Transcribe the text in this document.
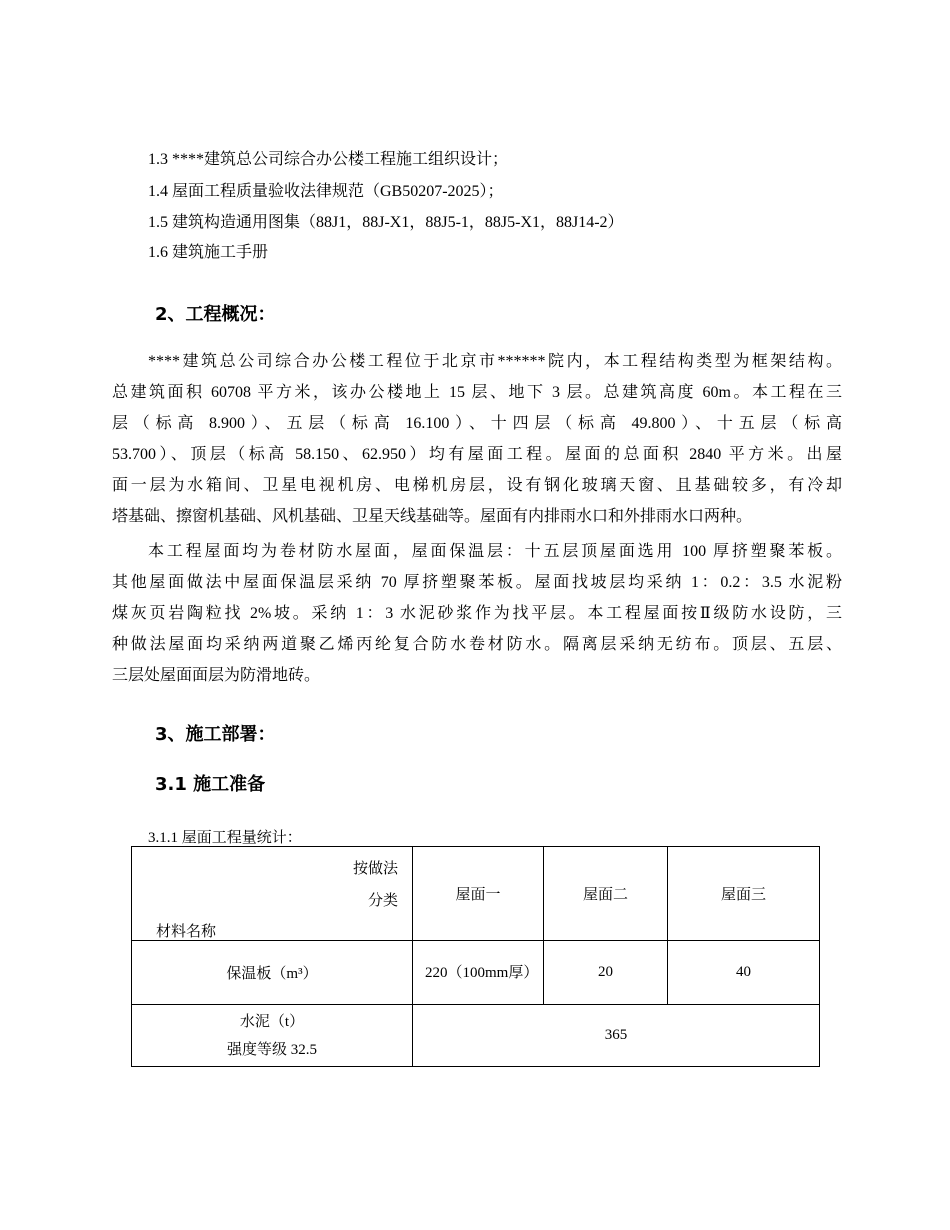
1.3 ****建筑总公司综合办公楼工程施工组织设计；
1.4 屋面工程质量验收法律规范（GB50207-2025）；
1.5 建筑构造通用图集（88J1，88J-X1，88J5-1，88J5-X1，88J14-2）
1.6 建筑施工手册
2、工程概况：
****建筑总公司综合办公楼工程位于北京市******院内，本工程结构类型为框架结构。
总建筑面积 60708 平方米，该办公楼地上 15 层、地下 3 层。总建筑高度 60m。本工程在三
层（标高 8.900）、五层（标高 16.100）、十四层（标高 49.800）、十五层（标高
53.700）、顶层（标高 58.150、62.950）均有屋面工程。屋面的总面积 2840 平方米。出屋
面一层为水箱间、卫星电视机房、电梯机房层，设有钢化玻璃天窗、且基础较多，有冷却
塔基础、擦窗机基础、风机基础、卫星天线基础等。屋面有内排雨水口和外排雨水口两种。
本工程屋面均为卷材防水屋面，屋面保温层：十五层顶屋面选用 100 厚挤塑聚苯板。
其他屋面做法中屋面保温层采纳 70 厚挤塑聚苯板。屋面找坡层均采纳 1：0.2：3.5 水泥粉
煤灰页岩陶粒找 2%坡。采纳 1：3 水泥砂浆作为找平层。本工程屋面按Ⅱ级防水设防，三
种做法屋面均采纳两道聚乙烯丙纶复合防水卷材防水。隔离层采纳无纺布。顶层、五层、
三层处屋面面层为防滑地砖。
3、施工部署：
3.1 施工准备
3.1.1 屋面工程量统计：
按做法
分类
材料名称	屋面一	屋面二	屋面三
保温板（m³）	220（100mm厚）	20	40

水泥（t）
强度等级 32.5	365		
